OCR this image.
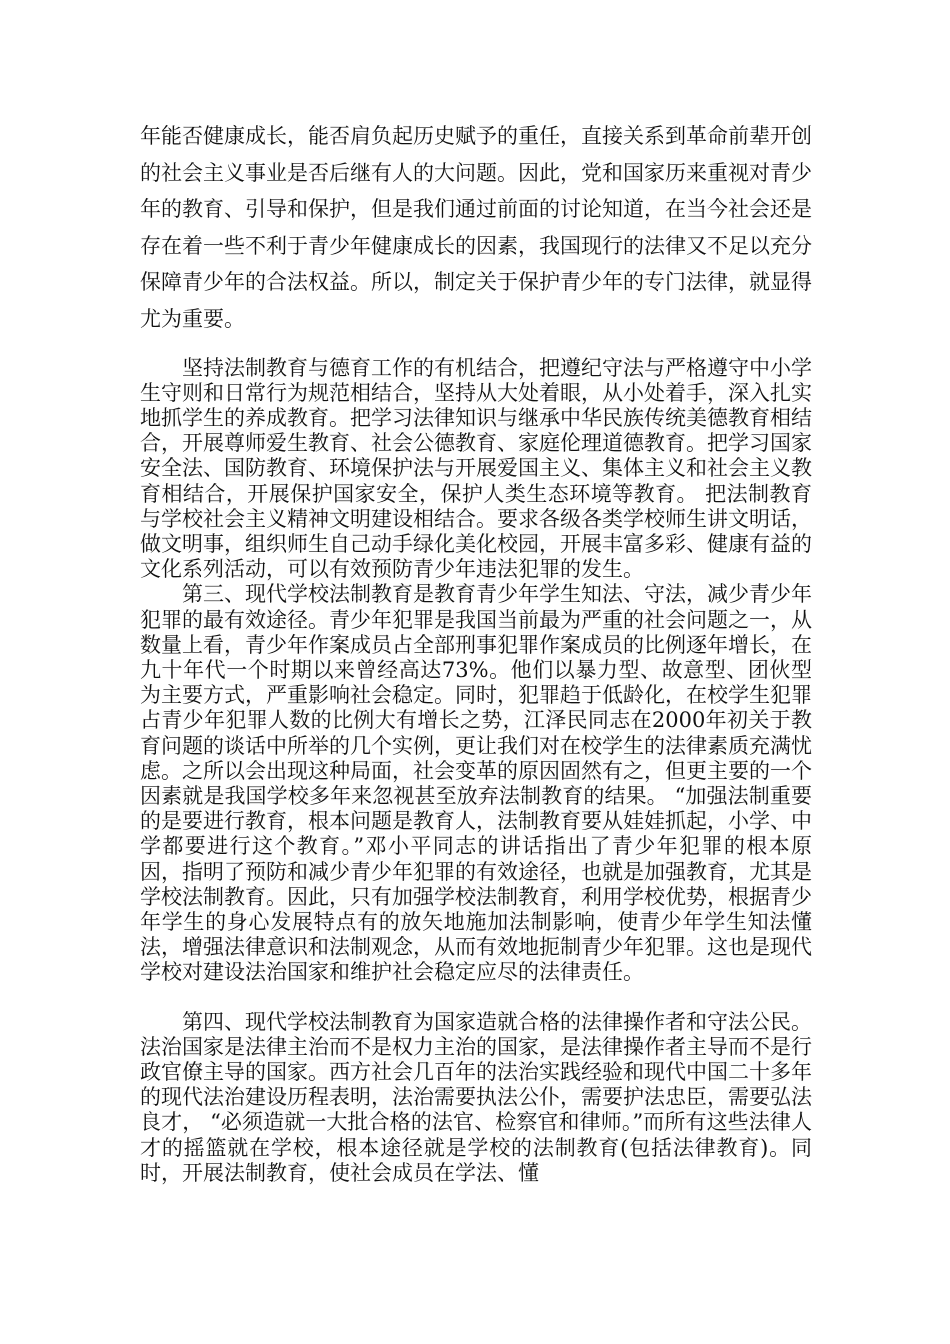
年能否健康成长，能否肩负起历史赋予的重任，直接关系到革命前辈开创的社会主义事业是否后继有人的大问题。因此，党和国家历来重视对青少年的教育、引导和保护，但是我们通过前面的讨论知道，在当今社会还是存在着一些不利于青少年健康成长的因素，我国现行的法律又不足以充分保障青少年的合法权益。所以，制定关于保护青少年的专门法律，就显得尤为重要。

坚持法制教育与德育工作的有机结合，把遵纪守法与严格遵守中小学生守则和日常行为规范相结合，坚持从大处着眼，从小处着手，深入扎实地抓学生的养成教育。把学习法律知识与继承中华民族传统美德教育相结合，开展尊师爱生教育、社会公德教育、家庭伦理道德教育。把学习国家安全法、国防教育、环境保护法与开展爱国主义、集体主义和社会主义教育相结合，开展保护国家安全，保护人类生态环境等教育。 把法制教育与学校社会主义精神文明建设相结合。要求各级各类学校师生讲文明话，做文明事，组织师生自己动手绿化美化校园，开展丰富多彩、健康有益的文化系列活动，可以有效预防青少年违法犯罪的发生。

第三、现代学校法制教育是教育青少年学生知法、守法，减少青少年犯罪的最有效途径。青少年犯罪是我国当前最为严重的社会问题之一，从数量上看，青少年作案成员占全部刑事犯罪作案成员的比例逐年增长，在九十年代一个时期以来曾经高达73%。他们以暴力型、故意型、团伙型为主要方式，严重影响社会稳定。同时，犯罪趋于低龄化，在校学生犯罪占青少年犯罪人数的比例大有增长之势，江泽民同志在2000年初关于教育问题的谈话中所举的几个实例，更让我们对在校学生的法律素质充满忧虑。之所以会出现这种局面，社会变革的原因固然有之，但更主要的一个因素就是我国学校多年来忽视甚至放弃法制教育的结果。 “加强法制重要的是要进行教育，根本问题是教育人，法制教育要从娃娃抓起，小学、中学都要进行这个教育。”邓小平同志的讲话指出了青少年犯罪的根本原因，指明了预防和减少青少年犯罪的有效途径，也就是加强教育，尤其是学校法制教育。因此，只有加强学校法制教育，利用学校优势，根据青少年学生的身心发展特点有的放矢地施加法制影响，使青少年学生知法懂法，增强法律意识和法制观念，从而有效地扼制青少年犯罪。这也是现代学校对建设法治国家和维护社会稳定应尽的法律责任。

第四、现代学校法制教育为国家造就合格的法律操作者和守法公民。法治国家是法律主治而不是权力主治的国家，是法律操作者主导而不是行政官僚主导的国家。西方社会几百年的法治实践经验和现代中国二十多年的现代法治建设历程表明，法治需要执法公仆，需要护法忠臣，需要弘法良才， “必须造就一大批合格的法官、检察官和律师。”而所有这些法律人才的摇篮就在学校，根本途径就是学校的法制教育(包括法律教育)。同时，开展法制教育，使社会成员在学法、懂
